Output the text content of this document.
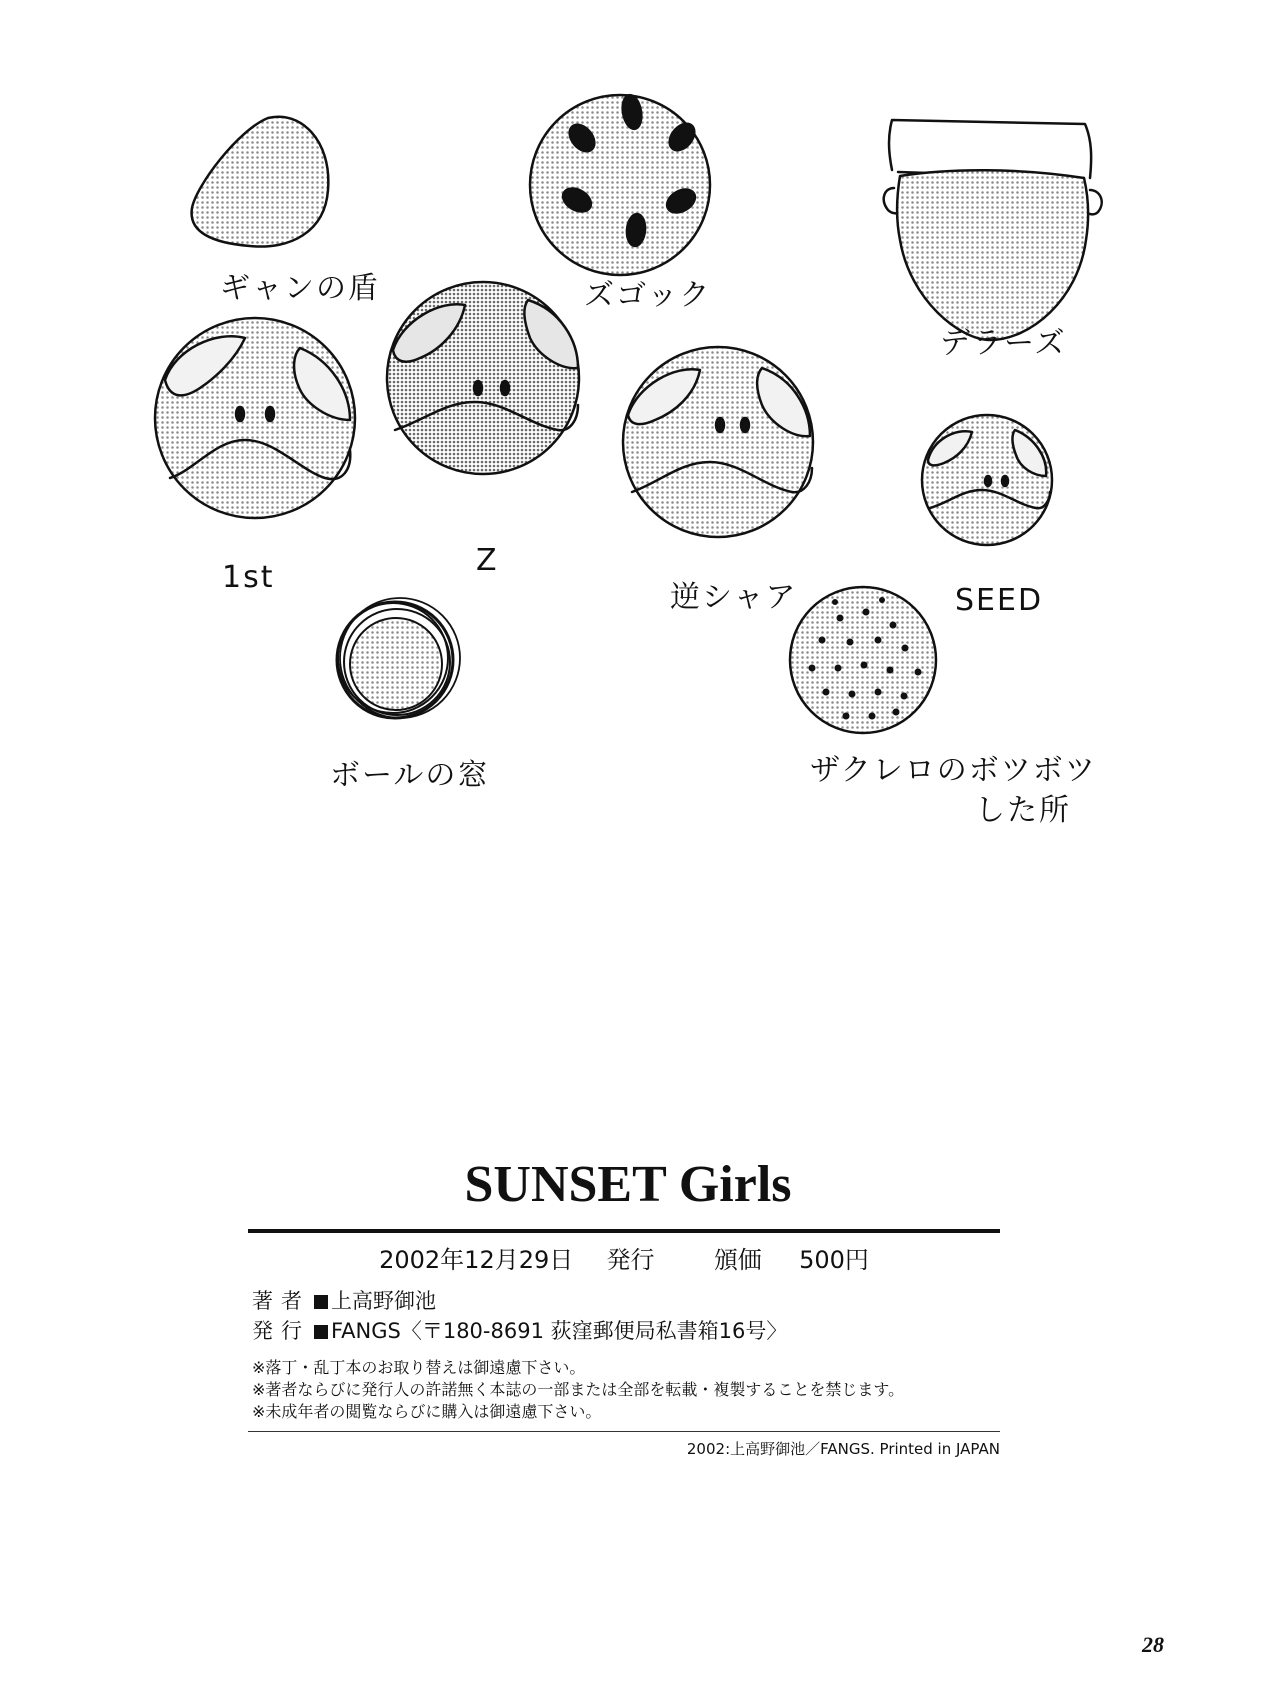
ギャンの盾	ズゴック
デラーズ
1st	Z
逆シャア	SEED
ボールの窓	ザクレロのボツボツ
した所
SUNSET Girls
2002年12月29日 発行 頒価 500円
著者 上高野御池
発行 FANGS〈〒180-8691 荻窪郵便局私書箱16号〉
※落丁・乱丁本のお取り替えは御遠慮下さい。
※著者ならびに発行人の許諾無く本誌の一部または全部を転載・複製することを禁じます。
※未成年者の閲覧ならびに購入は御遠慮下さい。
2002:上高野御池／FANGS. Printed in JAPAN
28
